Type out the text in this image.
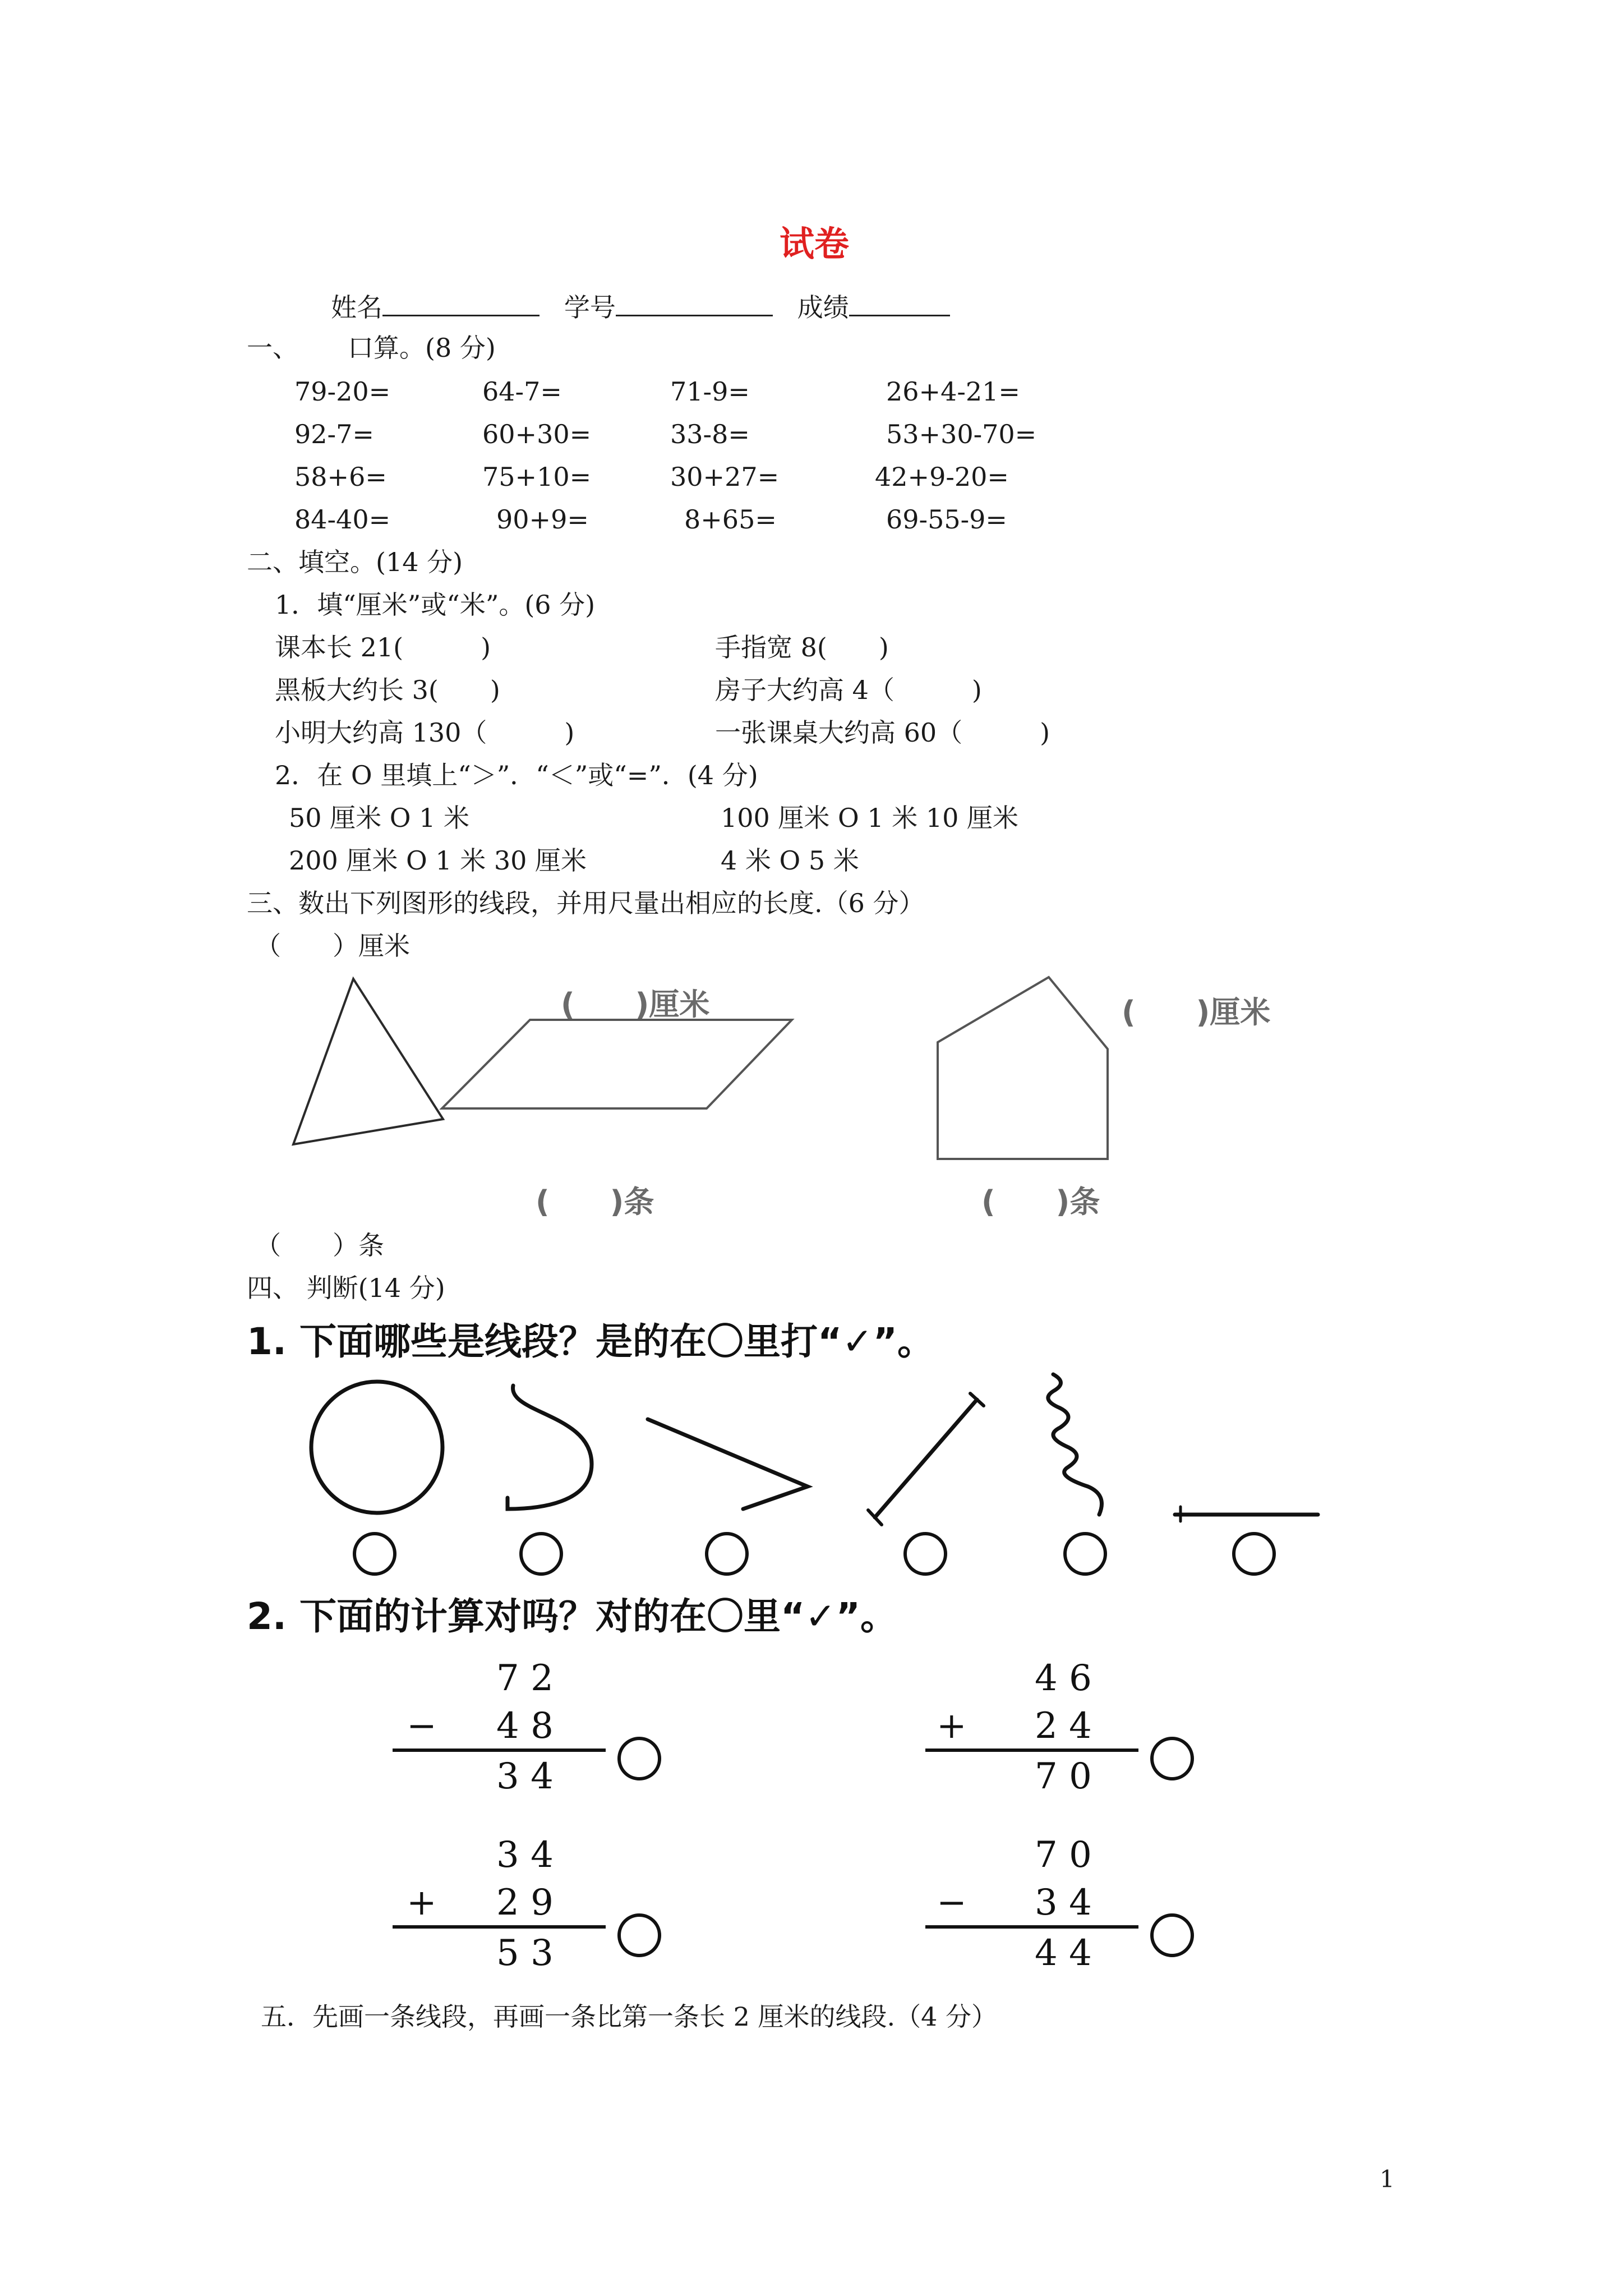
试卷
姓名	学号	成绩
一、 口算。(8 分)
79-20=	64-7=	71-9=	26+4-21=
92-7=	60+30=	33-8=	53+30-70=
58+6=	75+10=	30+27=	42+9-20=
84-40=	90+9=	8+65=	69-55-9=
二、填空。(14 分)
1．填“厘米”或“米”。(6 分)
课本长 21(　　　)	手指宽 8(　　)
黑板大约长 3(　　)	房子大约高 4（　　　)
小明大约高 130（　　　)	一张课桌大约高 60（　　　)
2．在 O 里填上“＞”．“＜”或“=”．(4 分)
50 厘米 O 1 米	100 厘米 O 1 米 10 厘米
200 厘米 O 1 米 30 厘米	4 米 O 5 米
三、数出下列图形的线段，并用尺量出相应的长度.（6 分）
（　　）厘米
(　　)厘米	(　　)厘米
(　　)条	(　　)条
（　　）条
四、 判断(14 分)
1. 下面哪些是线段？是的在〇里打“✓”。
2. 下面的计算对吗？对的在〇里“✓”。
7 2
− 4 8
3 4
4 6
+ 2 4
7 0
3 4
+ 2 9
5 3
7 0
− 3 4
4 4
五．先画一条线段，再画一条比第一条长 2 厘米的线段.（4 分）
1
